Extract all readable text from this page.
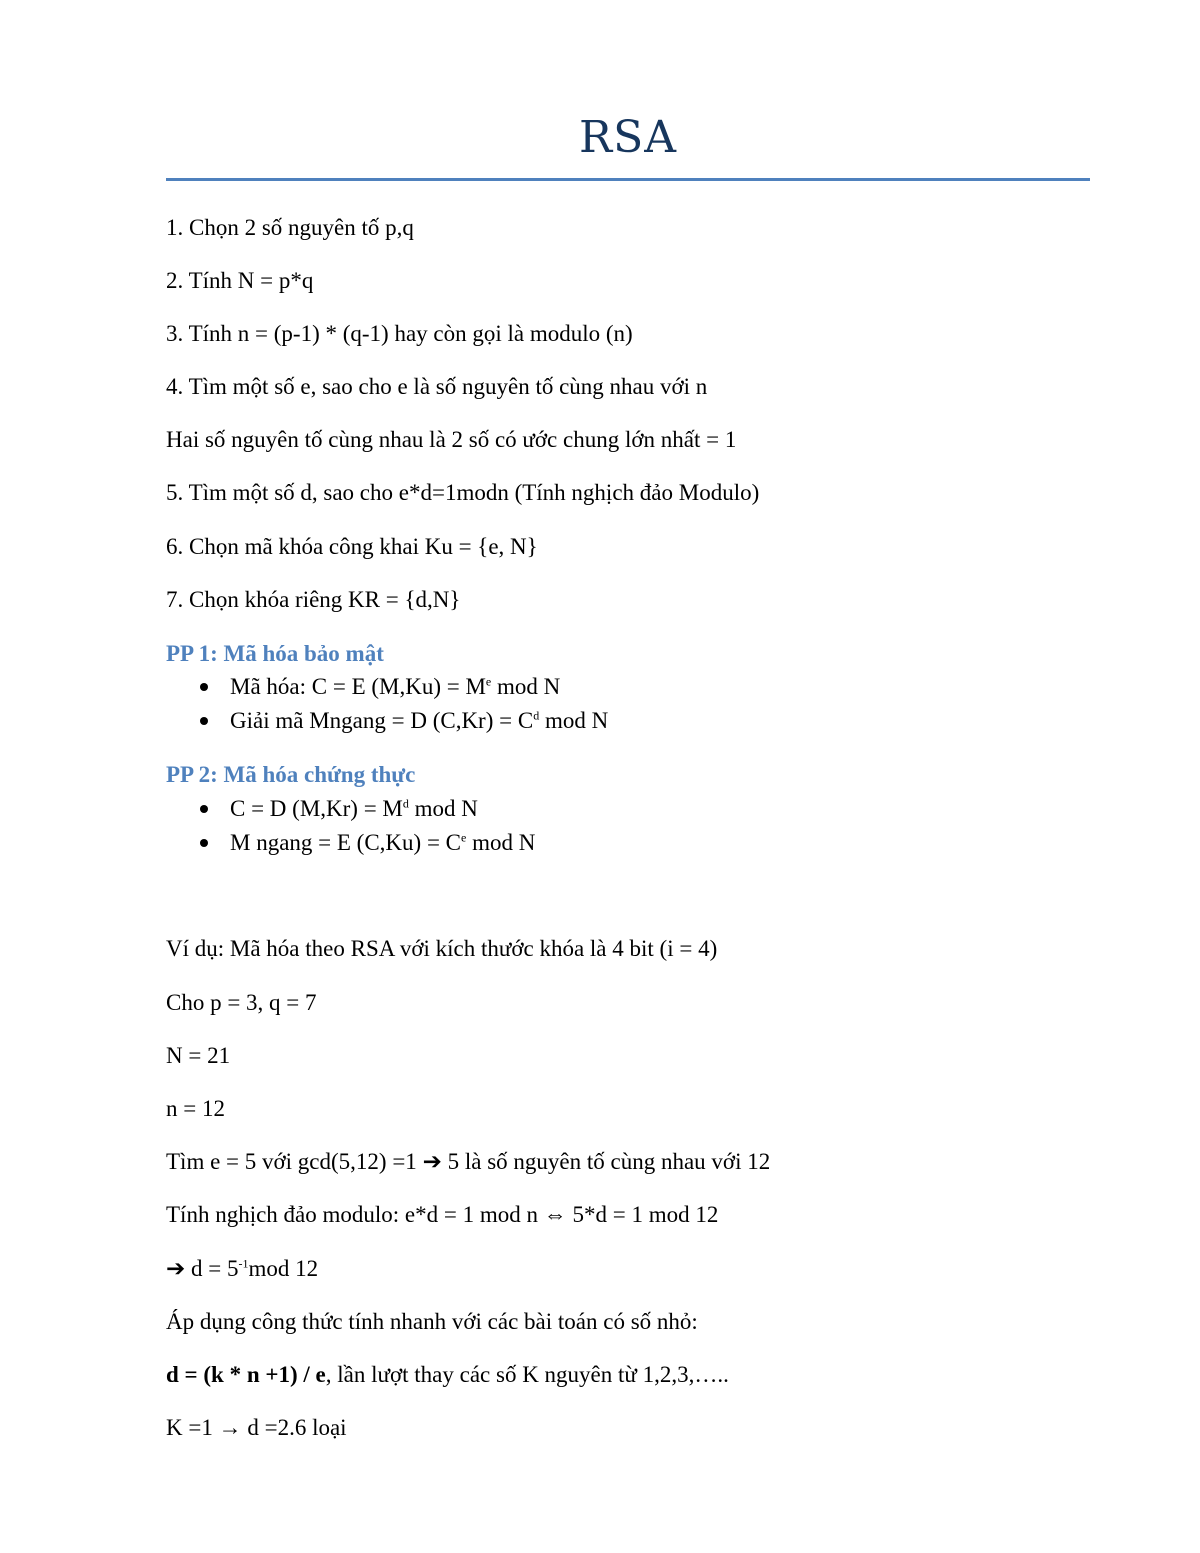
RSA
1. Chọn 2 số nguyên tố p,q
2. Tính N = p*q
3. Tính n = (p-1) * (q-1) hay còn gọi là modulo (n)
4. Tìm một số e, sao cho e là số nguyên tố cùng nhau với n
Hai số nguyên tố cùng nhau là 2 số có ước chung lớn nhất = 1
5. Tìm một số d, sao cho e*d=1modn (Tính nghịch đảo Modulo)
6. Chọn mã khóa công khai Ku = {e, N}
7. Chọn khóa riêng KR = {d,N}
PP 1: Mã hóa bảo mật
Mã hóa: C = E $(M,Ku) = M^e$ mod N
Giải mã Mngang = D $(C,Kr) = C^d$ mod N
PP 2: Mã hóa chứng thực
C = D $(M,Kr) = M^d$ mod N
M ngang = E $(C,Ku) = C^e$ mod N
Ví dụ: Mã hóa theo RSA với kích thước khóa là 4 bit (i = 4)
Cho p = 3, q = 7
N = 21
n = 12
Tìm e = 5 với gcd(5,12) =1 ➔ 5 là số nguyên tố cùng nhau với 12
Tính nghịch đảo modulo: e*d = 1 mod n ⇔ 5*d = 1 mod 12
➔ $d = 5^{-1}mod$ 12
Áp dụng công thức tính nhanh với các bài toán có số nhỏ:
d = (k * n +1) / e, lần lượt thay các số K nguyên từ 1,2,3,…..
K =1 → d =2.6 loại
